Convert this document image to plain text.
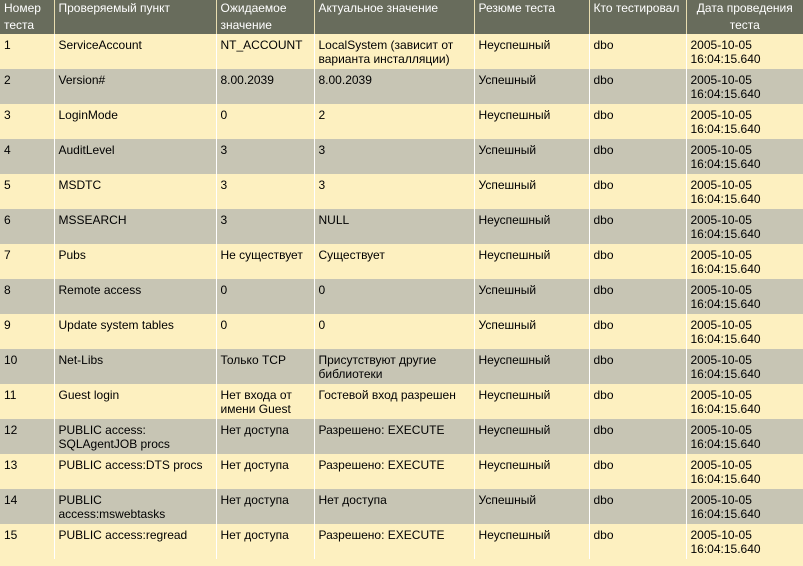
Номер теста	Проверяемый пункт	Ожидаемое значение	Актуальное значение	Резюме теста	Кто тестировал	Дата проведения теста
1	ServiceAccount	NT_ACCOUNT	LocalSystem (зависит от варианта инсталляции)	Неуспешный	dbo	2005-10-05 16:04:15.640
2	Version#	8.00.2039	8.00.2039	Успешный	dbo	2005-10-05 16:04:15.640
3	LoginMode	0	2	Неуспешный	dbo	2005-10-05 16:04:15.640
4	AuditLevel	3	3	Успешный	dbo	2005-10-05 16:04:15.640
5	MSDTC	3	3	Успешный	dbo	2005-10-05 16:04:15.640
6	MSSEARCH	3	NULL	Неуспешный	dbo	2005-10-05 16:04:15.640
7	Pubs	Не существует	Существует	Неуспешный	dbo	2005-10-05 16:04:15.640
8	Remote access	0	0	Успешный	dbo	2005-10-05 16:04:15.640
9	Update system tables	0	0	Успешный	dbo	2005-10-05 16:04:15.640
10	Net-Libs	Только TCP	Присутствуют другие библиотеки	Неуспешный	dbo	2005-10-05 16:04:15.640
11	Guest login	Нет входа от имени Guest	Гостевой вход разрешен	Неуспешный	dbo	2005-10-05 16:04:15.640
12	PUBLIC access: SQLAgentJOB procs	Нет доступа	Разрешено: EXECUTE	Неуспешный	dbo	2005-10-05 16:04:15.640
13	PUBLIC access:DTS procs	Нет доступа	Разрешено: EXECUTE	Неуспешный	dbo	2005-10-05 16:04:15.640
14	PUBLIC access:mswebtasks	Нет доступа	Нет доступа	Успешный	dbo	2005-10-05 16:04:15.640
15	PUBLIC access:regread	Нет доступа	Разрешено: EXECUTE	Неуспешный	dbo	2005-10-05 16:04:15.640
